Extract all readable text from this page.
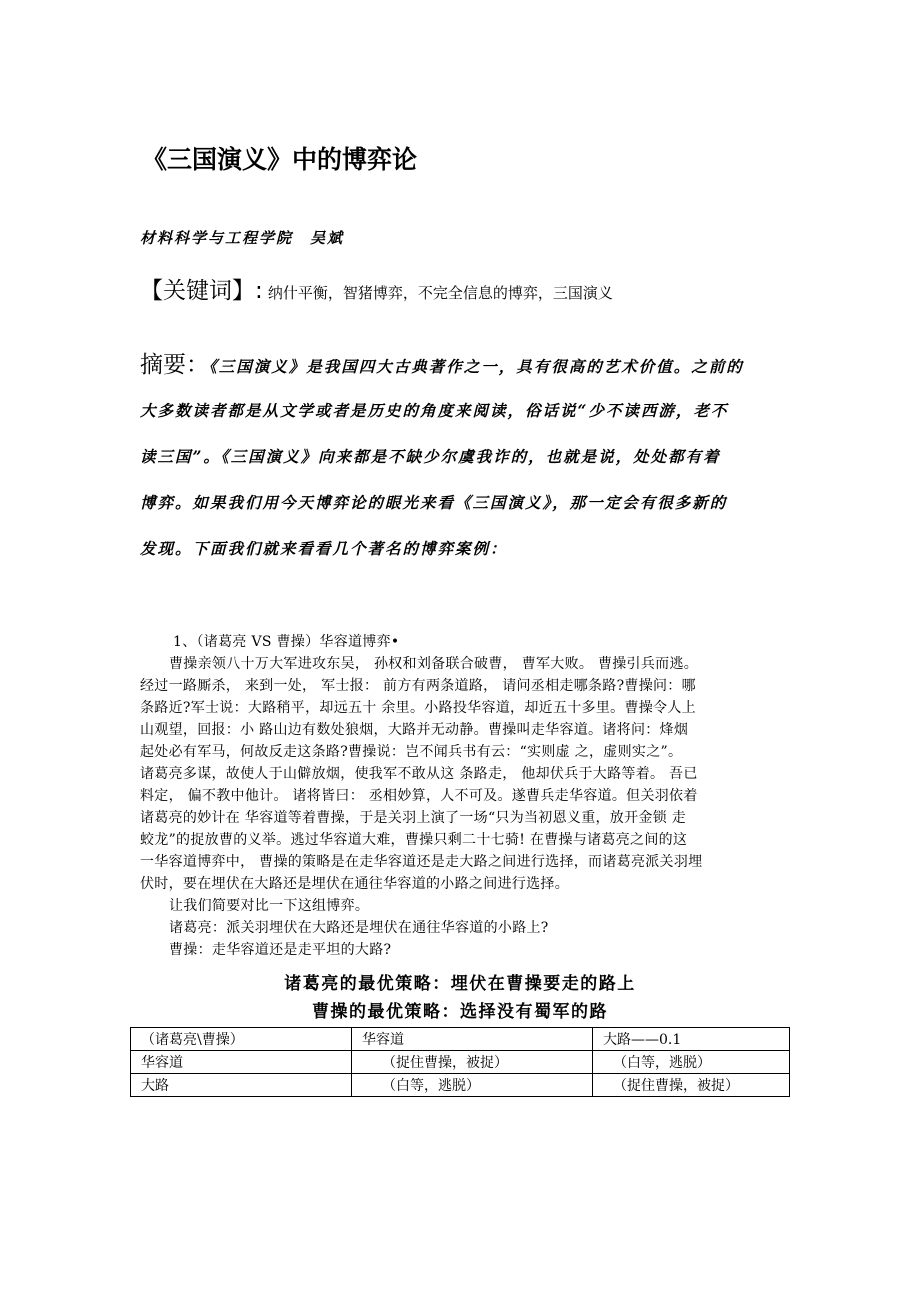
《三国演义》中的博弈论
材料科学与工程学院　吴斌
【关键词】: 纳什平衡，智猪博弈，不完全信息的博弈，三国演义
摘要：《三国演义》是我国四大古典著作之一，具有很高的艺术价值。之前的
大多数读者都是从文学或者是历史的角度来阅读，俗话说“少不读西游，老不
读三国”。《三国演义》向来都是不缺少尔虞我诈的，也就是说，处处都有着
博弈。如果我们用今天博弈论的眼光来看《三国演义》，那一定会有很多新的
发现。下面我们就来看看几个著名的博弈案例：
1、（诸葛亮 VS 曹操）华容道博弈•
曹操亲领八十万大军进攻东吴， 孙权和刘备联合破曹， 曹军大败。 曹操引兵而逃。
经过一路厮杀， 来到一处， 军士报： 前方有两条道路， 请问丞相走哪条路?曹操问：哪
条路近?军士说：大路稍平，却远五十 余里。小路投华容道，却近五十多里。曹操令人上
山观望，回报：小 路山边有数处狼烟，大路并无动静。曹操叫走华容道。诸将问：烽烟
起处必有军马，何故反走这条路?曹操说：岂不闻兵书有云：“实则虚 之，虚则实之”。
诸葛亮多谋，故使人于山僻放烟，使我军不敢从这 条路走， 他却伏兵于大路等着。 吾已
料定， 偏不教中他计。 诸将皆曰： 丞相妙算，人不可及。遂曹兵走华容道。但关羽依着
诸葛亮的妙计在 华容道等着曹操，于是关羽上演了一场“只为当初恩义重，放开金锁 走
蛟龙”的捉放曹的义举。逃过华容道大难，曹操只剩二十七骑! 在曹操与诸葛亮之间的这
一华容道博弈中， 曹操的策略是在走华容道还是走大路之间进行选择，而诸葛亮派关羽埋
伏时，要在埋伏在大路还是埋伏在通往华容道的小路之间进行选择。
让我们简要对比一下这组博弈。
诸葛亮：派关羽埋伏在大路还是埋伏在通往华容道的小路上?
曹操：走华容道还是走平坦的大路?
诸葛亮的最优策略：埋伏在曹操要走的路上
曹操的最优策略：选择没有蜀军的路
（诸葛亮\曹操）	华容道	大路——0.1
华容道	（捉住曹操，被捉）	（白等，逃脱）
大路	（白等，逃脱）	（捉住曹操，被捉）
